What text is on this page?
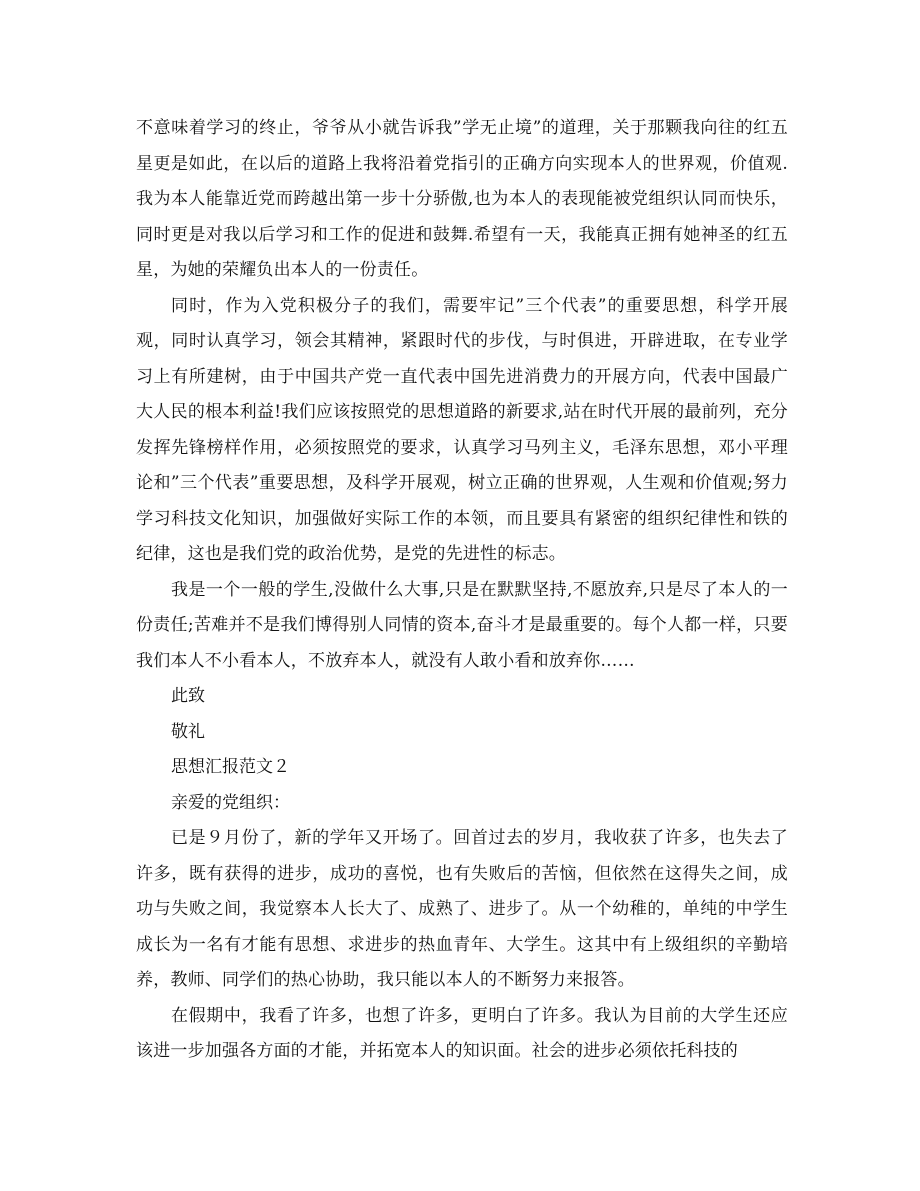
不意味着学习的终止，爷爷从小就告诉我”学无止境”的道理，关于那颗我向往的红五星更是如此，在以后的道路上我将沿着党指引的正确方向实现本人的世界观，价值观.我为本人能靠近党而跨越出第一步十分骄傲,也为本人的表现能被党组织认同而快乐，同时更是对我以后学习和工作的促进和鼓舞.希望有一天，我能真正拥有她神圣的红五星，为她的荣耀负出本人的一份责任。

同时，作为入党积极分子的我们，需要牢记”三个代表”的重要思想，科学开展观，同时认真学习，领会其精神，紧跟时代的步伐，与时俱进，开辟进取，在专业学习上有所建树，由于中国共产党一直代表中国先进消费力的开展方向，代表中国最广大人民的根本利益!我们应该按照党的思想道路的新要求,站在时代开展的最前列，充分发挥先锋榜样作用，必须按照党的要求，认真学习马列主义，毛泽东思想，邓小平理论和”三个代表”重要思想，及科学开展观，树立正确的世界观，人生观和价值观;努力学习科技文化知识，加强做好实际工作的本领，而且要具有紧密的组织纪律性和铁的纪律，这也是我们党的政治优势，是党的先进性的标志。

我是一个一般的学生,没做什么大事,只是在默默坚持,不愿放弃,只是尽了本人的一份责任;苦难并不是我们博得别人同情的资本,奋斗才是最重要的。每个人都一样，只要我们本人不小看本人，不放弃本人，就没有人敢小看和放弃你……

此致

敬礼

思想汇报范文２

亲爱的党组织：

已是９月份了，新的学年又开场了。回首过去的岁月，我收获了许多，也失去了许多，既有获得的进步，成功的喜悦，也有失败后的苦恼，但依然在这得失之间，成功与失败之间，我觉察本人长大了、成熟了、进步了。从一个幼稚的，单纯的中学生成长为一名有才能有思想、求进步的热血青年、大学生。这其中有上级组织的辛勤培养，教师、同学们的热心协助，我只能以本人的不断努力来报答。

在假期中，我看了许多，也想了许多，更明白了许多。我认为目前的大学生还应该进一步加强各方面的才能，并拓宽本人的知识面。社会的进步必须依托科技的
